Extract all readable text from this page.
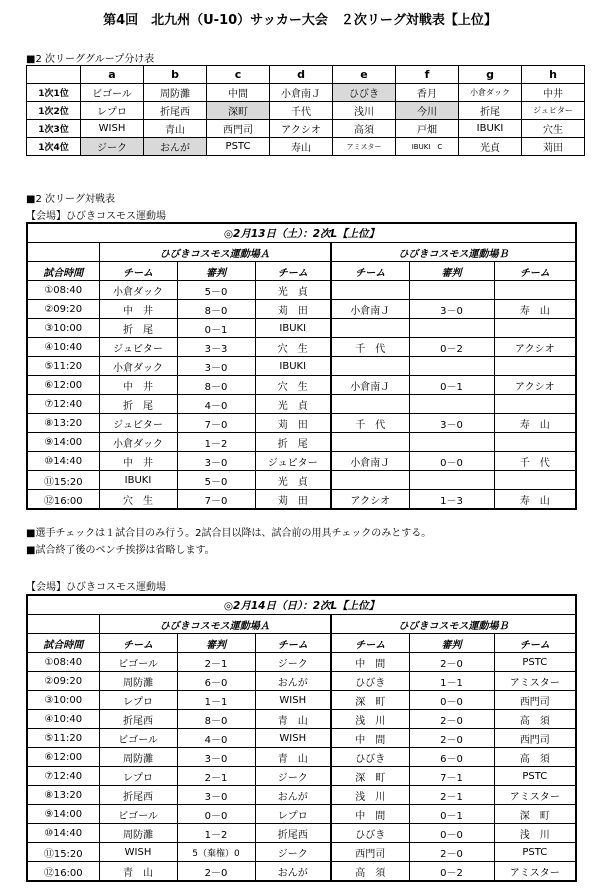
第4回　北九州（U-10）サッカー大会　２次リーグ対戦表【上位】
■2 次リーググループ分け表
	a	b	c	d	e	f	g	h
1次1位	ビゴール	周防灘	中間	小倉南Ｊ	ひびき	香月	小倉ダック	中井
1次2位	レプロ	折尾西	深町	千代	浅川	今川	折尾	ジュピター
1次3位	WISH	青山	西門司	アクシオ	高須	戸畑	IBUKI	穴生
1次4位	ジーク	おんが	PSTC	寿山	アミスター	IBUKI　C	光貞	苅田
■2 次リーグ対戦表
【会場】ひびきコスモス運動場
◎2月13日（土）：2次L【上位】						
	ひびきコスモス運動場Ａ			ひびきコスモス運動場Ｂ		
試合時間	チーム	審判	チーム	チーム	審判	チーム
①08:40	小倉ダック	5－0	光　貞			
②09:20	中　井	8－0	苅　田	小倉南Ｊ	3－0	寿　山
③10:00	折　尾	0－1	IBUKI			
④10:40	ジュピター	3－3	穴　生	千　代	0－2	アクシオ
⑤11:20	小倉ダック	3－0	IBUKI			
⑥12:00	中　井	8－0	穴　生	小倉南Ｊ	0－1	アクシオ
⑦12:40	折　尾	4－0	光　貞			
⑧13:20	ジュピター	7－0	苅　田	千　代	3－0	寿　山
⑨14:00	小倉ダック	1－2	折　尾			
⑩14:40	中　井	3－0	ジュピター	小倉南Ｊ	0－0	千　代
⑪15:20	IBUKI	5－0	光　貞			
⑫16:00	穴　生	7－0	苅　田	アクシオ	1－3	寿　山
■選手チェックは１試合目のみ行う。2試合目以降は、試合前の用具チェックのみとする。
■試合終了後のベンチ挨拶は省略します。
【会場】ひびきコスモス運動場
◎2月14日（日）：2次L【上位】						
	ひびきコスモス運動場Ａ			ひびきコスモス運動場Ｂ		
試合時間	チーム	審判	チーム	チーム	審判	チーム
①08:40	ビゴール	2－1	ジーク	中　間	2－0	PSTC
②09:20	周防灘	6－0	おんが	ひびき	1－1	アミスター
③10:00	レプロ	1－1	WISH	深　町	0－0	西門司
④10:40	折尾西	8－0	青　山	浅　川	2－0	高　須
⑤11:20	ビゴール	4－0	WISH	中　間	2－0	西門司
⑥12:00	周防灘	3－0	青　山	ひびき	6－0	高　須
⑦12:40	レプロ	2－1	ジーク	深　町	7－1	PSTC
⑧13:20	折尾西	3－0	おんが	浅　川	2－1	アミスター
⑨14:00	ビゴール	0－0	レプロ	中　間	0－1	深　町
⑩14:40	周防灘	1－2	折尾西	ひびき	0－0	浅　川
⑪15:20	WISH	5（棄権）0	ジーク	西門司	2－0	PSTC
⑫16:00	青　山	2－0	おんが	高　須	0－2	アミスター
